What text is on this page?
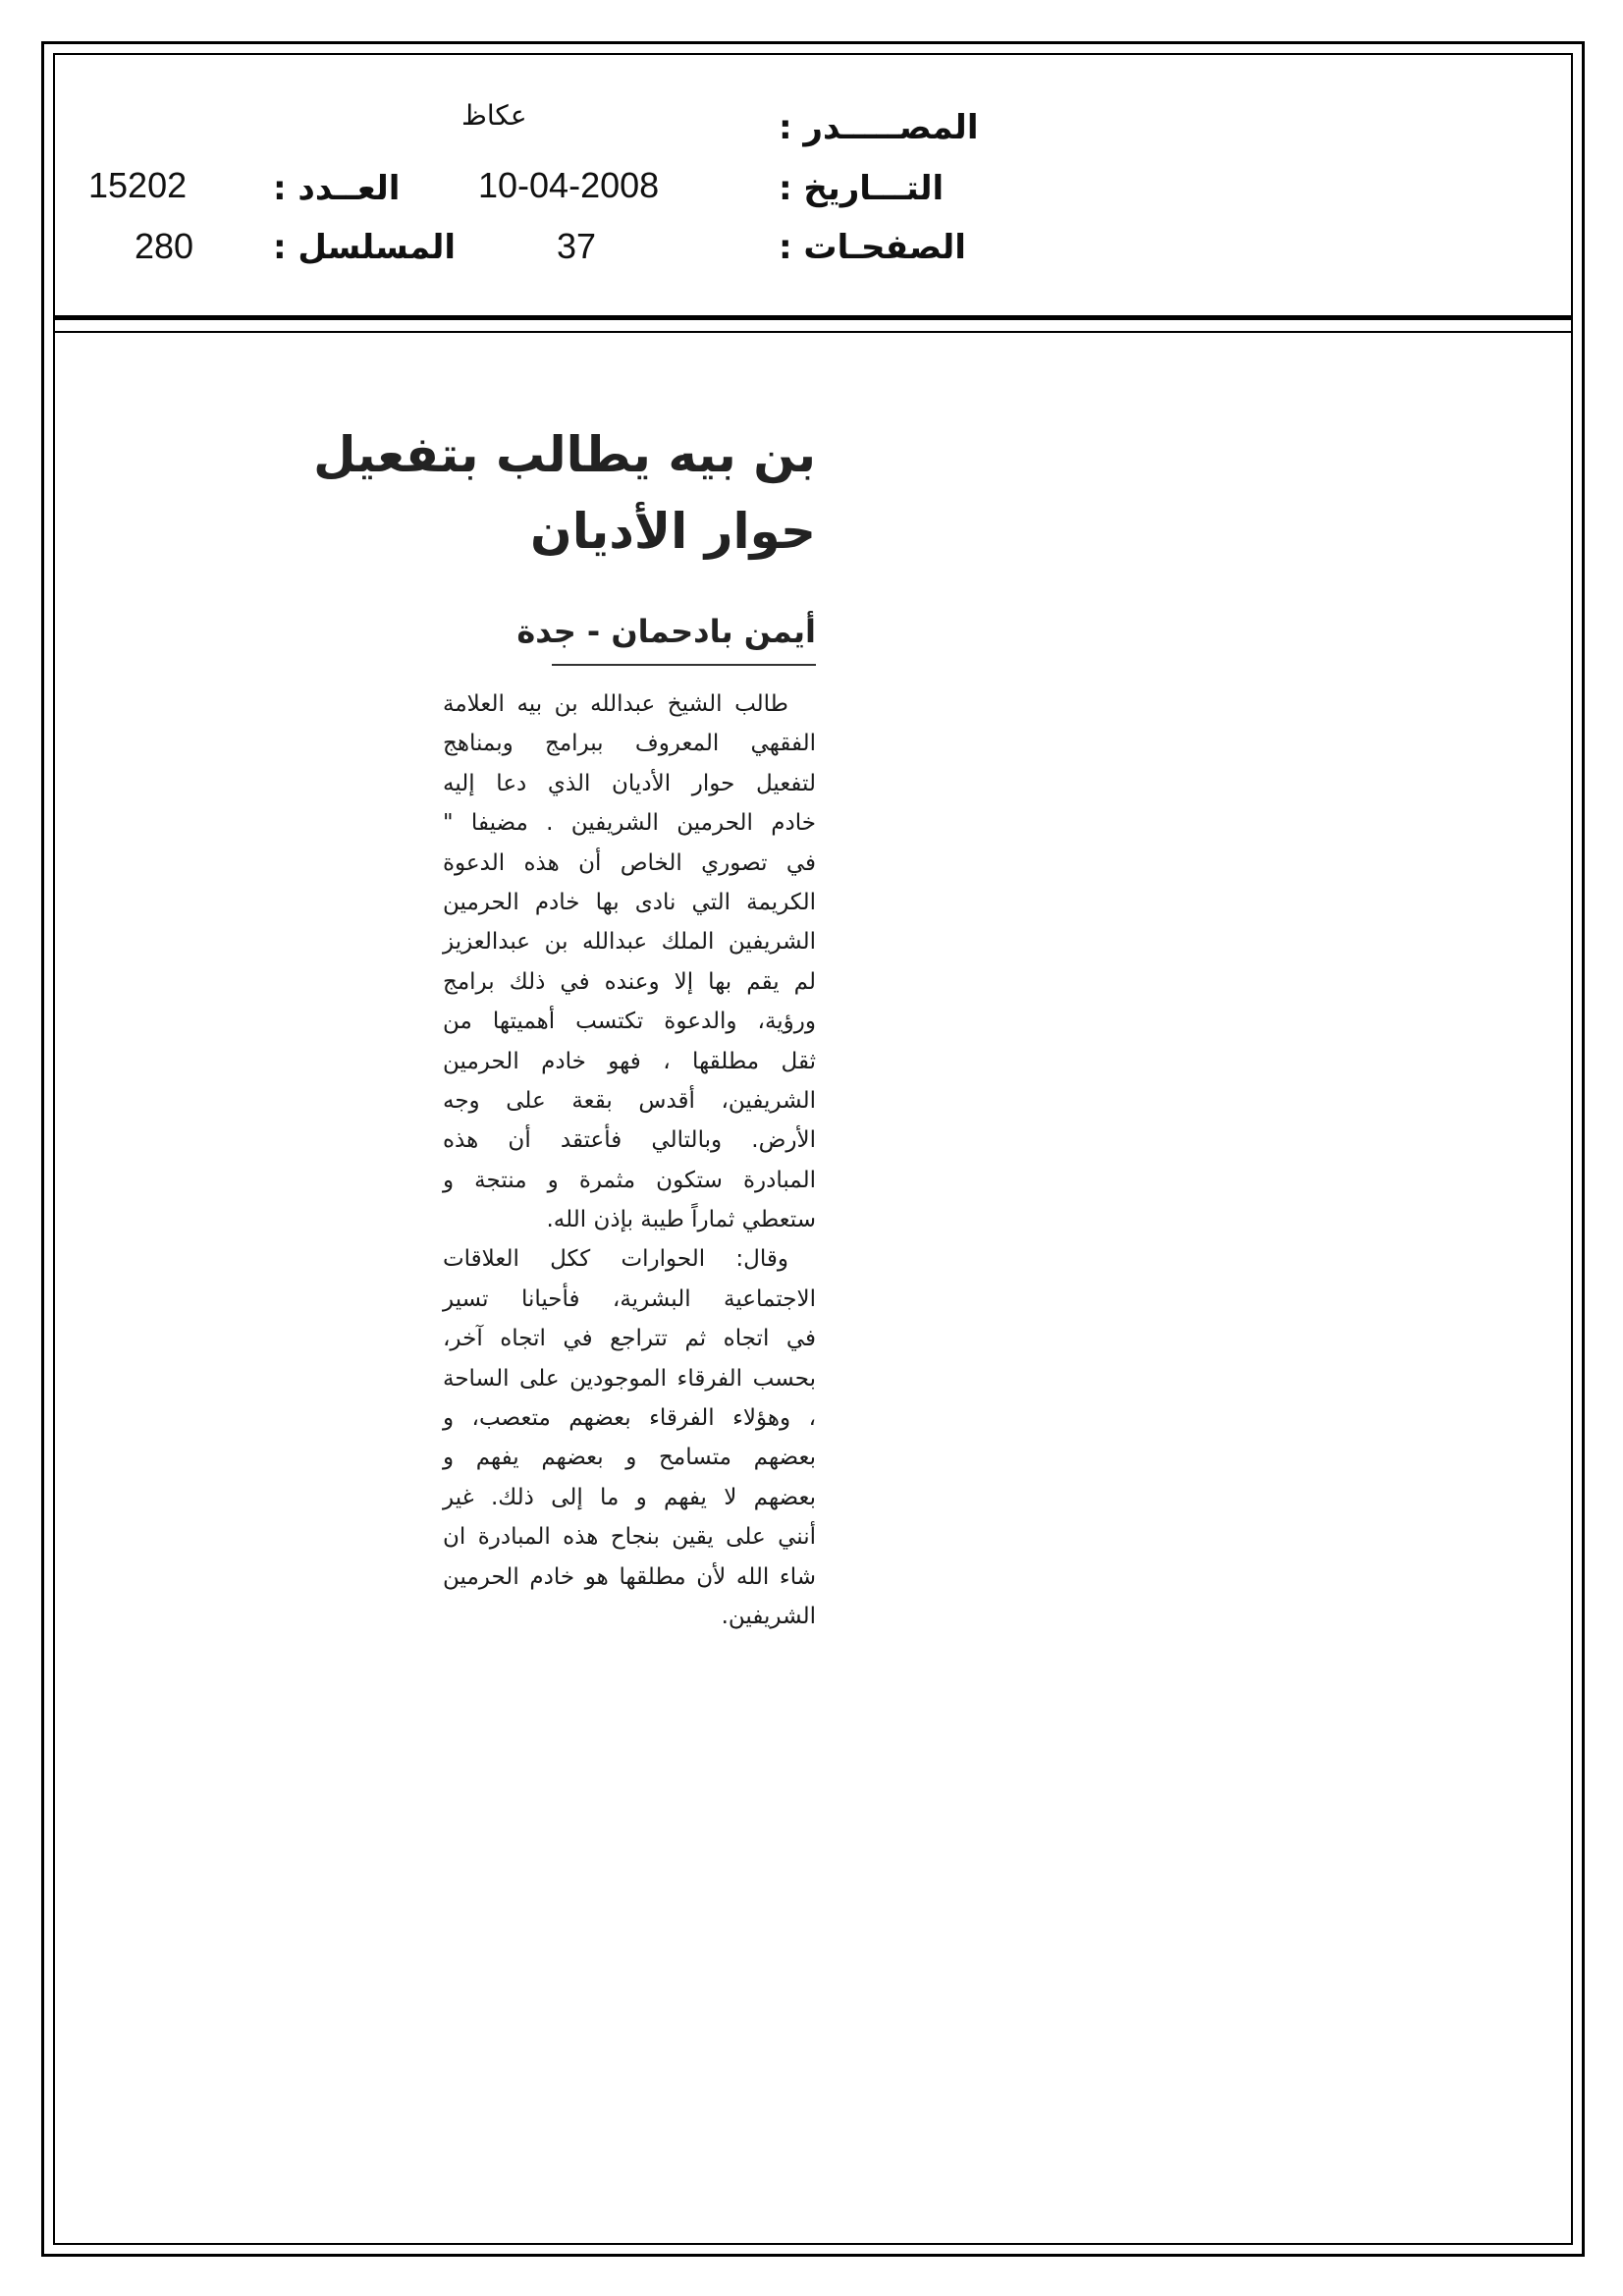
المصـــــدر :
عكاظ
التـــاريخ :
10-04-2008
الصفحـات :
37
العــدد :
15202
المسلسل :
280
بن بيه يطالب بتفعيل
حوار الأديان
أيمن بادحمان - جدة
طالب الشيخ عبدالله بن بيه العلامة
الفقهي المعروف ببرامج وبمناهج
لتفعيل حوار الأديان الذي دعا إليه
خادم الحرمين الشريفين . مضيفا "
في تصوري الخاص أن هذه الدعوة
الكريمة التي نادى بها خادم الحرمين
الشريفين الملك عبدالله بن عبدالعزيز
لم يقم بها إلا وعنده في ذلك برامج
ورؤية، والدعوة تكتسب أهميتها من
ثقل مطلقها ، فهو خادم الحرمين
الشريفين، أقدس بقعة على وجه
الأرض. وبالتالي فأعتقد أن هذه
المبادرة ستكون مثمرة و منتجة و
ستعطي ثماراً طيبة بإذن الله.
وقال: الحوارات ككل العلاقات
الاجتماعية البشرية، فأحيانا تسير
في اتجاه ثم تتراجع في اتجاه آخر،
بحسب الفرقاء الموجودين على الساحة
، وهؤلاء الفرقاء بعضهم متعصب، و
بعضهم متسامح و بعضهم يفهم و
بعضهم لا يفهم و ما إلى ذلك. غير
أنني على يقين بنجاح هذه المبادرة ان
شاء الله لأن مطلقها هو خادم الحرمين
الشريفين.
